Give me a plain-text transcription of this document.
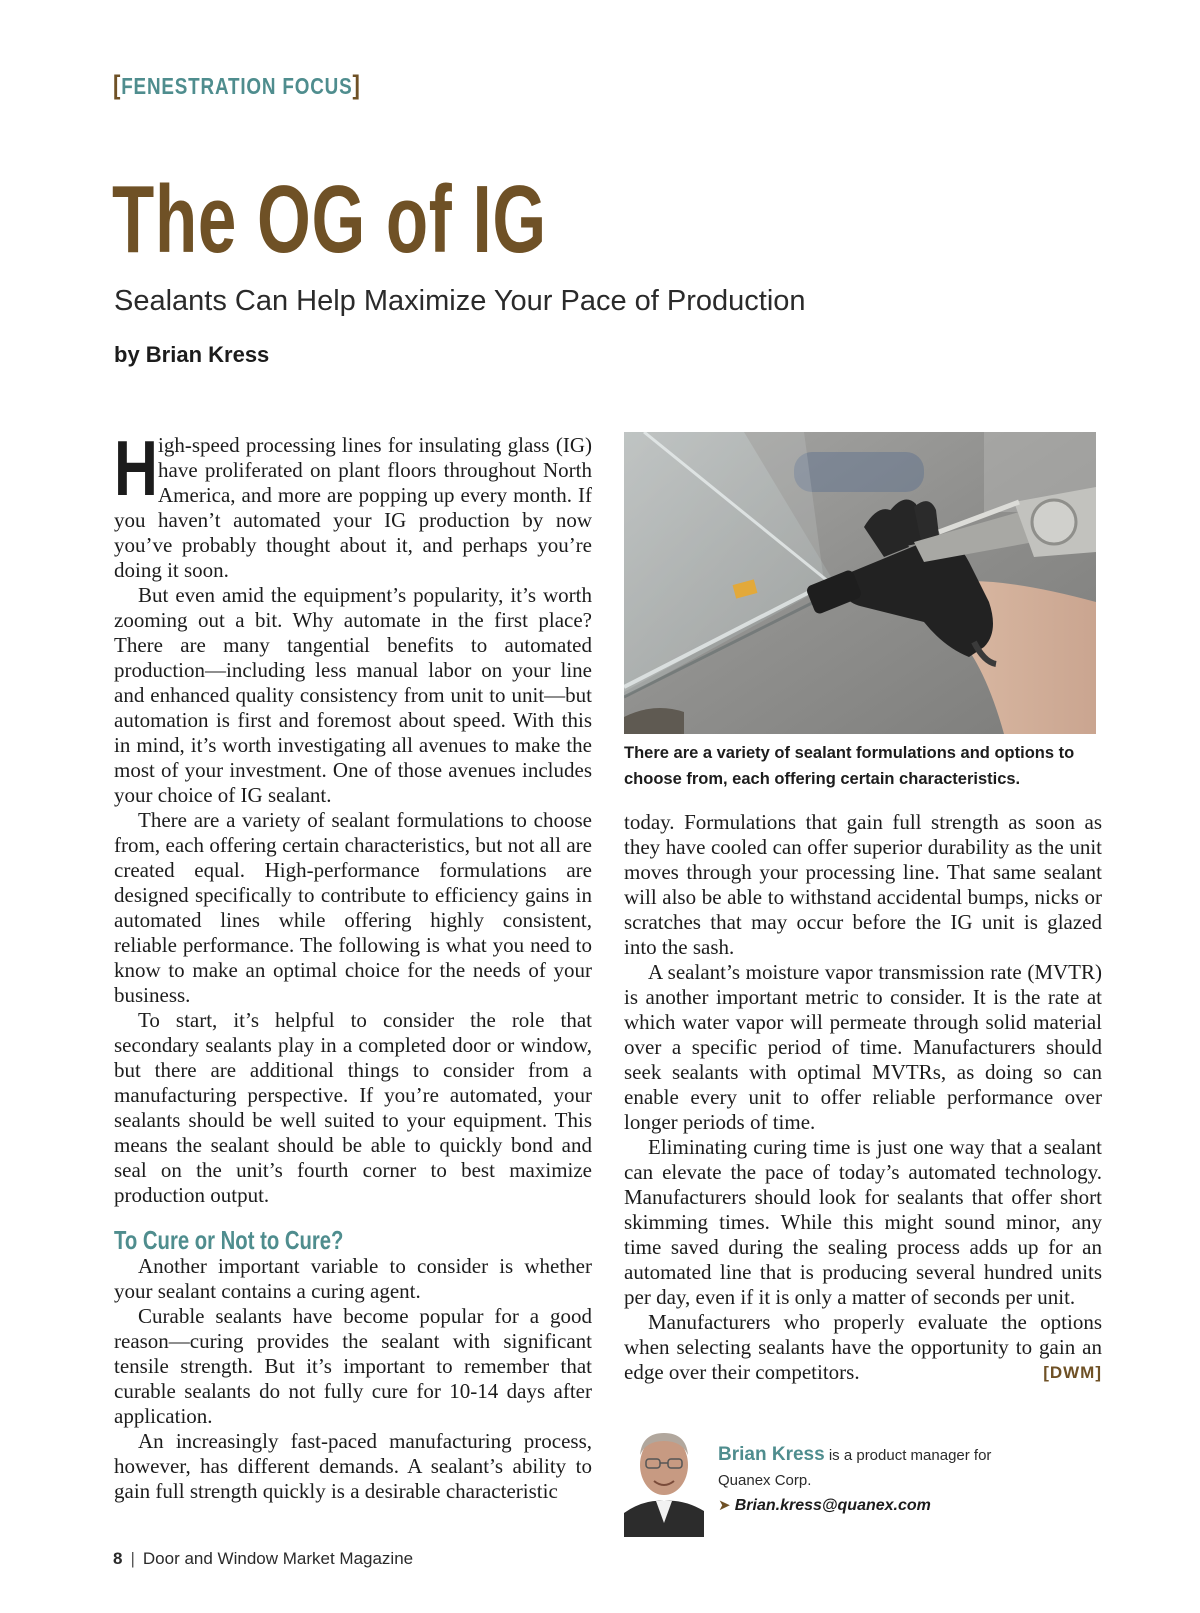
[FENESTRATION FOCUS]
The OG of IG
Sealants Can Help Maximize Your Pace of Production
by Brian Kress

High-speed processing lines for insulating glass (IG) have proliferated on plant floors throughout North America, and more are popping up every month. If you haven’t automated your IG production by now you’ve probably thought about it, and perhaps you’re doing it soon.

But even amid the equipment’s popularity, it’s worth zooming out a bit. Why automate in the first place? There are many tangential benefits to automated production—including less manual labor on your line and enhanced quality consistency from unit to unit—but automation is first and foremost about speed. With this in mind, it’s worth investigating all avenues to make the most of your investment. One of those avenues includes your choice of IG sealant.

There are a variety of sealant formulations to choose from, each offering certain characteristics, but not all are created equal. High-performance formulations are designed specifically to contribute to efficiency gains in automated lines while offering highly consistent, reliable performance. The following is what you need to know to make an optimal choice for the needs of your business.

To start, it’s helpful to consider the role that secondary sealants play in a completed door or window, but there are additional things to consider from a manufacturing perspective. If you’re automated, your sealants should be well suited to your equipment. This means the sealant should be able to quickly bond and seal on the unit’s fourth corner to best maximize production output.

To Cure or Not to Cure?

Another important variable to consider is whether your sealant contains a curing agent.

Curable sealants have become popular for a good reason—curing provides the sealant with significant tensile strength. But it’s important to remember that curable sealants do not fully cure for 10-14 days after application.

An increasingly fast-paced manufacturing process, however, has different demands. A sealant’s ability to gain full strength quickly is a desirable characteristic

There are a variety of sealant formulations and options to choose from, each offering certain characteristics.

today. Formulations that gain full strength as soon as they have cooled can offer superior durability as the unit moves through your processing line. That same sealant will also be able to withstand accidental bumps, nicks or scratches that may occur before the IG unit is glazed into the sash.

A sealant’s moisture vapor transmission rate (MVTR) is another important metric to consider. It is the rate at which water vapor will permeate through solid material over a specific period of time. Manufacturers should seek sealants with optimal MVTRs, as doing so can enable every unit to offer reliable performance over longer periods of time.

Eliminating curing time is just one way that a sealant can elevate the pace of today’s automated technology. Manufacturers should look for sealants that offer short skimming times. While this might sound minor, any time saved during the sealing process adds up for an automated line that is producing several hundred units per day, even if it is only a matter of seconds per unit.

Manufacturers who properly evaluate the options when selecting sealants have the opportunity to gain an edge over their competitors.	[DWM]

Brian Kress is a product manager for
Quanex Corp.
➤ Brian.kress@quanex.com
8 | Door and Window Market Magazine
